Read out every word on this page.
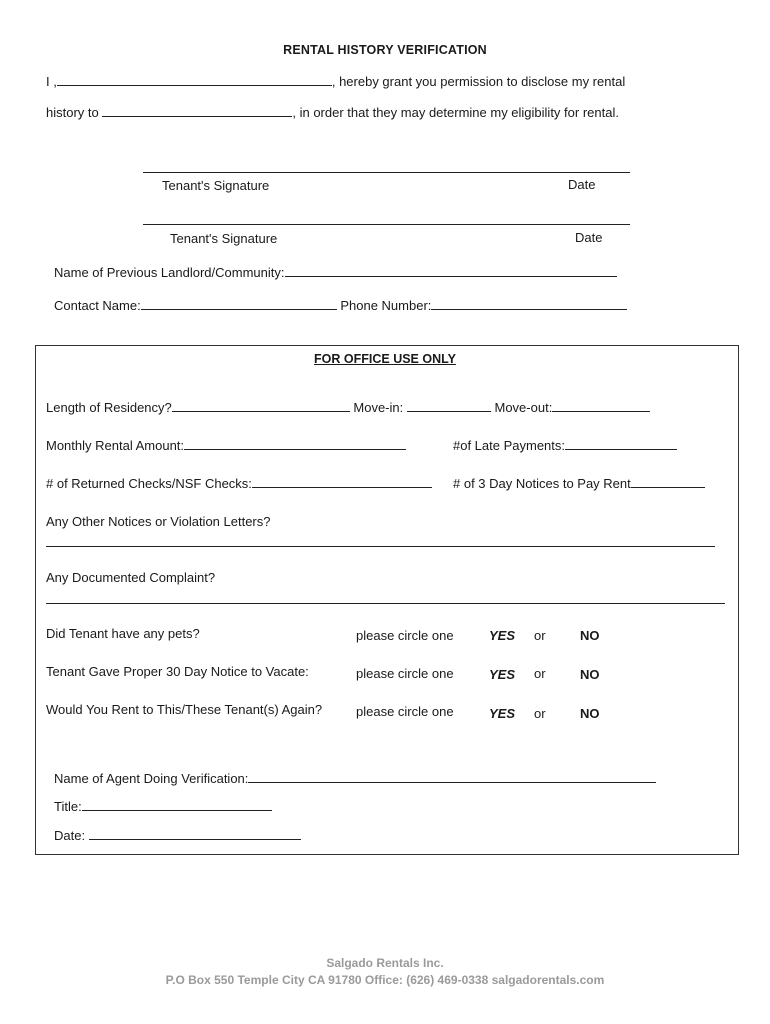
RENTAL HISTORY VERIFICATION
I ,	, hereby grant you permission to disclose my rental
history to	, in order that they may determine my eligibility for rental.
Tenant's Signature	Date
Tenant's Signature	Date
Name of Previous Landlord/Community:
Contact Name:	Phone Number:
FOR OFFICE USE ONLY
Length of Residency?	Move-in:	Move-out:
Monthly Rental Amount:	#of Late Payments:
# of Returned Checks/NSF Checks:	# of 3 Day Notices to Pay Rent
Any Other Notices or Violation Letters?
Any Documented Complaint?
Did Tenant have any pets?	please circle one	YES or	NO
Tenant Gave Proper 30 Day Notice to Vacate:	please circle one	YES or	NO
Would You Rent to This/These Tenant(s) Again?	please circle one	YES or	NO
Name of Agent Doing Verification:
Title:
Date:
Salgado Rentals Inc.
P.O Box 550 Temple City CA 91780 Office: (626) 469-0338 salgadorentals.com
